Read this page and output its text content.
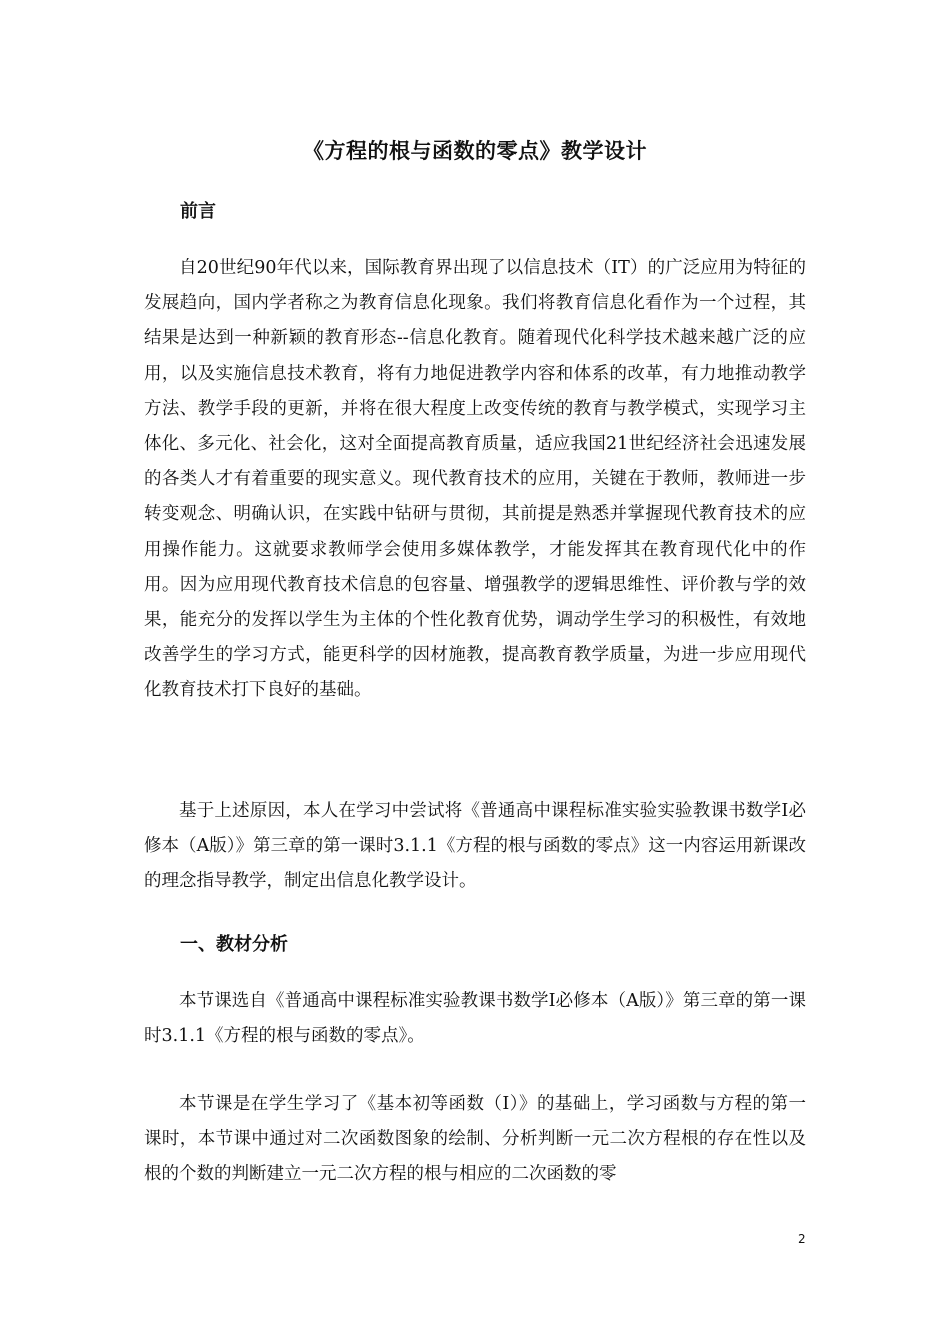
《方程的根与函数的零点》教学设计
前言

自20世纪90年代以来，国际教育界出现了以信息技术（IT）的广泛应用为特征的发展趋向，国内学者称之为教育信息化现象。我们将教育信息化看作为一个过程，其结果是达到一种新颖的教育形态--信息化教育。随着现代化科学技术越来越广泛的应用，以及实施信息技术教育，将有力地促进教学内容和体系的改革，有力地推动教学方法、教学手段的更新，并将在很大程度上改变传统的教育与教学模式，实现学习主体化、多元化、社会化，这对全面提高教育质量，适应我国21世纪经济社会迅速发展的各类人才有着重要的现实意义。现代教育技术的应用，关键在于教师，教师进一步转变观念、明确认识，在实践中钻研与贯彻，其前提是熟悉并掌握现代教育技术的应用操作能力。这就要求教师学会使用多媒体教学，才能发挥其在教育现代化中的作用。因为应用现代教育技术信息的包容量、增强教学的逻辑思维性、评价教与学的效果，能充分的发挥以学生为主体的个性化教育优势，调动学生学习的积极性，有效地改善学生的学习方式，能更科学的因材施教，提高教育教学质量，为进一步应用现代化教育技术打下良好的基础。

基于上述原因，本人在学习中尝试将《普通高中课程标准实验实验教课书数学Ⅰ必修本（A版）》第三章的第一课时3.1.1《方程的根与函数的零点》这一内容运用新课改的理念指导教学，制定出信息化教学设计。

一、教材分析

本节课选自《普通高中课程标准实验教课书数学Ⅰ必修本（A版）》第三章的第一课时3.1.1《方程的根与函数的零点》。

本节课是在学生学习了《基本初等函数（Ⅰ）》的基础上，学习函数与方程的第一课时，本节课中通过对二次函数图象的绘制、分析判断一元二次方程根的存在性以及根的个数的判断建立一元二次方程的根与相应的二次函数的零

2
